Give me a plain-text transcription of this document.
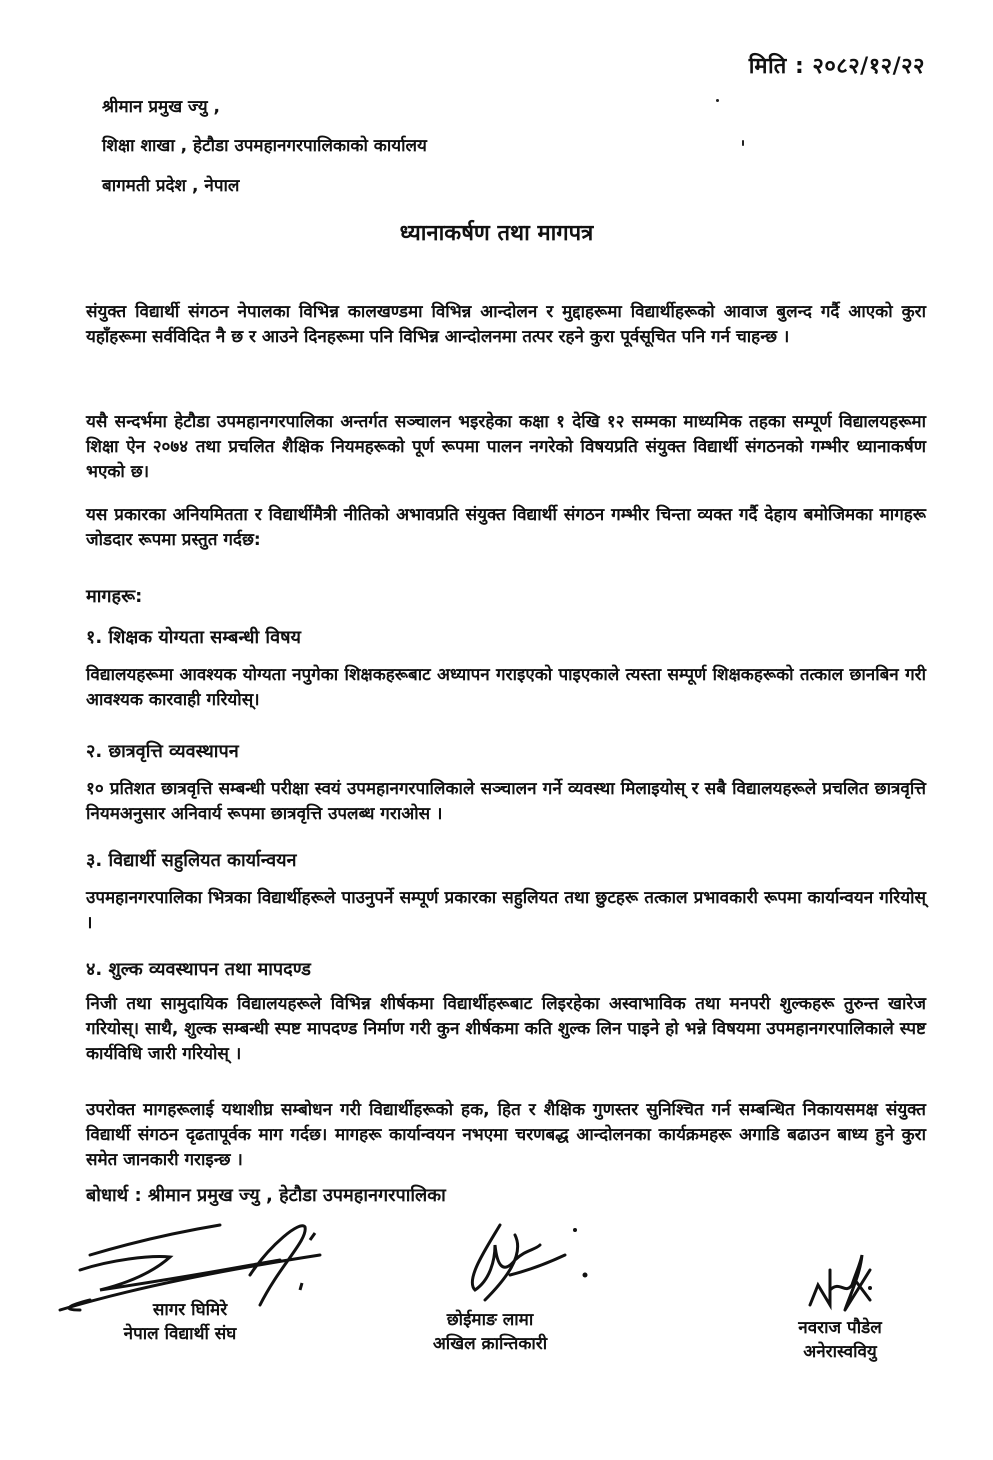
मिति : २०८२/१२/२२
श्रीमान प्रमुख ज्यु ,
शिक्षा शाखा , हेटौडा उपमहानगरपालिकाको कार्यालय
बागमती प्रदेश , नेपाल
ध्यानाकर्षण तथा मागपत्र
संयुक्त विद्यार्थी संगठन नेपालका विभिन्न कालखण्डमा विभिन्न आन्दोलन र मुद्दाहरूमा विद्यार्थीहरूको आवाज बुलन्द गर्दै आएको कुरा यहाँहरूमा सर्वविदित नै छ र आउने दिनहरूमा पनि विभिन्न आन्दोलनमा तत्पर रहने कुरा पूर्वसूचित पनि गर्न चाहन्छ ।
यसै सन्दर्भमा हेटौडा उपमहानगरपालिका अन्तर्गत सञ्चालन भइरहेका कक्षा १ देखि १२ सम्मका माध्यमिक तहका सम्पूर्ण विद्यालयहरूमा शिक्षा ऐन २०७४ तथा प्रचलित शैक्षिक नियमहरूको पूर्ण रूपमा पालन नगरेको विषयप्रति संयुक्त विद्यार्थी संगठनको गम्भीर ध्यानाकर्षण भएको छ।
यस प्रकारका अनियमितता र विद्यार्थीमैत्री नीतिको अभावप्रति संयुक्त विद्यार्थी संगठन गम्भीर चिन्ता व्यक्त गर्दै देहाय बमोजिमका मागहरू जोडदार रूपमा प्रस्तुत गर्दछ:
मागहरू:
१. शिक्षक योग्यता सम्बन्धी विषय
विद्यालयहरूमा आवश्यक योग्यता नपुगेका शिक्षकहरूबाट अध्यापन गराइएको पाइएकाले त्यस्ता सम्पूर्ण शिक्षकहरूको तत्काल छानबिन गरी आवश्यक कारवाही गरियोस्।
२. छात्रवृत्ति व्यवस्थापन
१० प्रतिशत छात्रवृत्ति सम्बन्धी परीक्षा स्वयं उपमहानगरपालिकाले सञ्चालन गर्ने व्यवस्था मिलाइयोस् र सबै विद्यालयहरूले प्रचलित छात्रवृत्ति नियमअनुसार अनिवार्य रूपमा छात्रवृत्ति उपलब्ध गराओस ।
३. विद्यार्थी सहुलियत कार्यान्वयन
उपमहानगरपालिका भित्रका विद्यार्थीहरूले पाउनुपर्ने सम्पूर्ण प्रकारका सहुलियत तथा छुटहरू तत्काल प्रभावकारी रूपमा कार्यान्वयन गरियोस् ।
४. शुल्क व्यवस्थापन तथा मापदण्ड
निजी तथा सामुदायिक विद्यालयहरूले विभिन्न शीर्षकमा विद्यार्थीहरूबाट लिइरहेका अस्वाभाविक तथा मनपरी शुल्कहरू तुरुन्त खारेज गरियोस्। साथै, शुल्क सम्बन्धी स्पष्ट मापदण्ड निर्माण गरी कुन शीर्षकमा कति शुल्क लिन पाइने हो भन्ने विषयमा उपमहानगरपालिकाले स्पष्ट कार्यविधि जारी गरियोस् ।
उपरोक्त मागहरूलाई यथाशीघ्र सम्बोधन गरी विद्यार्थीहरूको हक, हित र शैक्षिक गुणस्तर सुनिश्चित गर्न सम्बन्धित निकायसमक्ष संयुक्त विद्यार्थी संगठन दृढतापूर्वक माग गर्दछ। मागहरू कार्यान्वयन नभएमा चरणबद्ध आन्दोलनका कार्यक्रमहरू अगाडि बढाउन बाध्य हुने कुरा समेत जानकारी गराइन्छ ।
बोधार्थ : श्रीमान प्रमुख ज्यु , हेटौडा उपमहानगरपालिका
सागर घिमिरे
नेपाल विद्यार्थी संघ
छोईमाङ लामा
अखिल क्रान्तिकारी
नवराज पौडेल
अनेरास्ववियु
